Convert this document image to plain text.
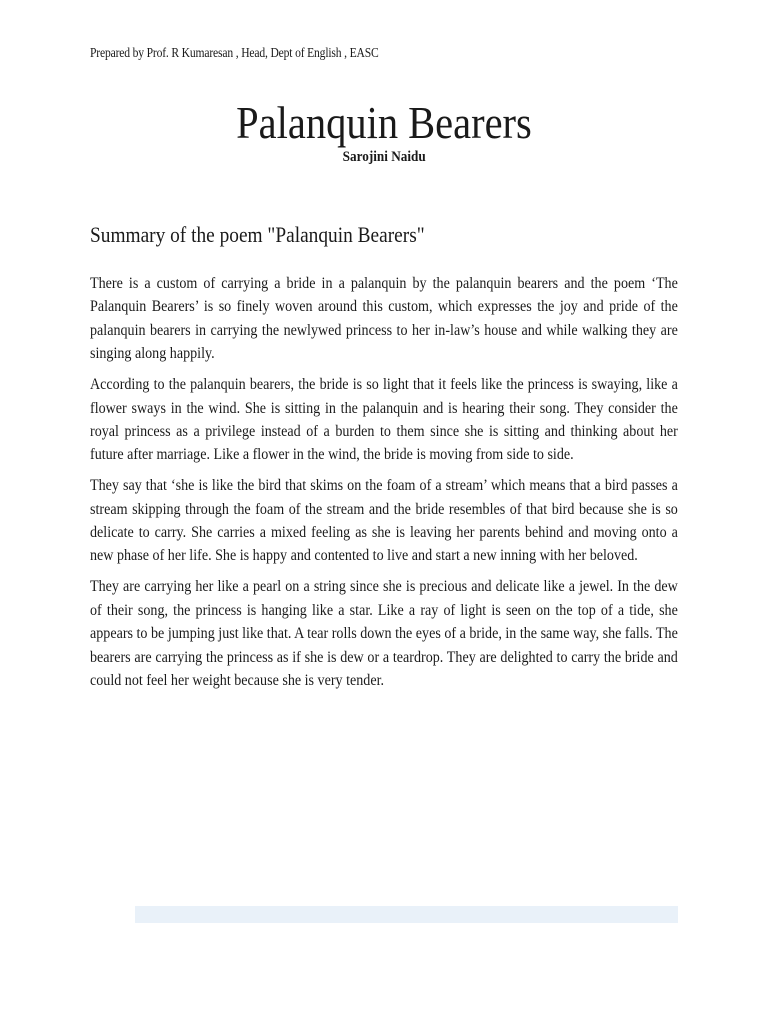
Prepared by Prof. R Kumaresan , Head, Dept of English , EASC
Palanquin Bearers
Sarojini Naidu
Summary of the poem "Palanquin Bearers"

There is a custom of carrying a bride in a palanquin by the palanquin bearers and the poem ‘The Palanquin Bearers’ is so finely woven around this custom, which expresses the joy and pride of the palanquin bearers in carrying the newlywed princess to her in-law’s house and while walking they are singing along happily.

According to the palanquin bearers, the bride is so light that it feels like the princess is swaying, like a flower sways in the wind. She is sitting in the palanquin and is hearing their song. They consider the royal princess as a privilege instead of a burden to them since she is sitting and thinking about her future after marriage. Like a flower in the wind, the bride is moving from side to side.

They say that ‘she is like the bird that skims on the foam of a stream’ which means that a bird passes a stream skipping through the foam of the stream and the bride resembles of that bird because she is so delicate to carry. She carries a mixed feeling as she is leaving her parents behind and moving onto a new phase of her life. She is happy and contented to live and start a new inning with her beloved.

They are carrying her like a pearl on a string since she is precious and delicate like a jewel. In the dew of their song, the princess is hanging like a star. Like a ray of light is seen on the top of a tide, she appears to be jumping just like that. A tear rolls down the eyes of a bride, in the same way, she falls. The bearers are carrying the princess as if she is dew or a teardrop. They are delighted to carry the bride and could not feel her weight because she is very tender.
